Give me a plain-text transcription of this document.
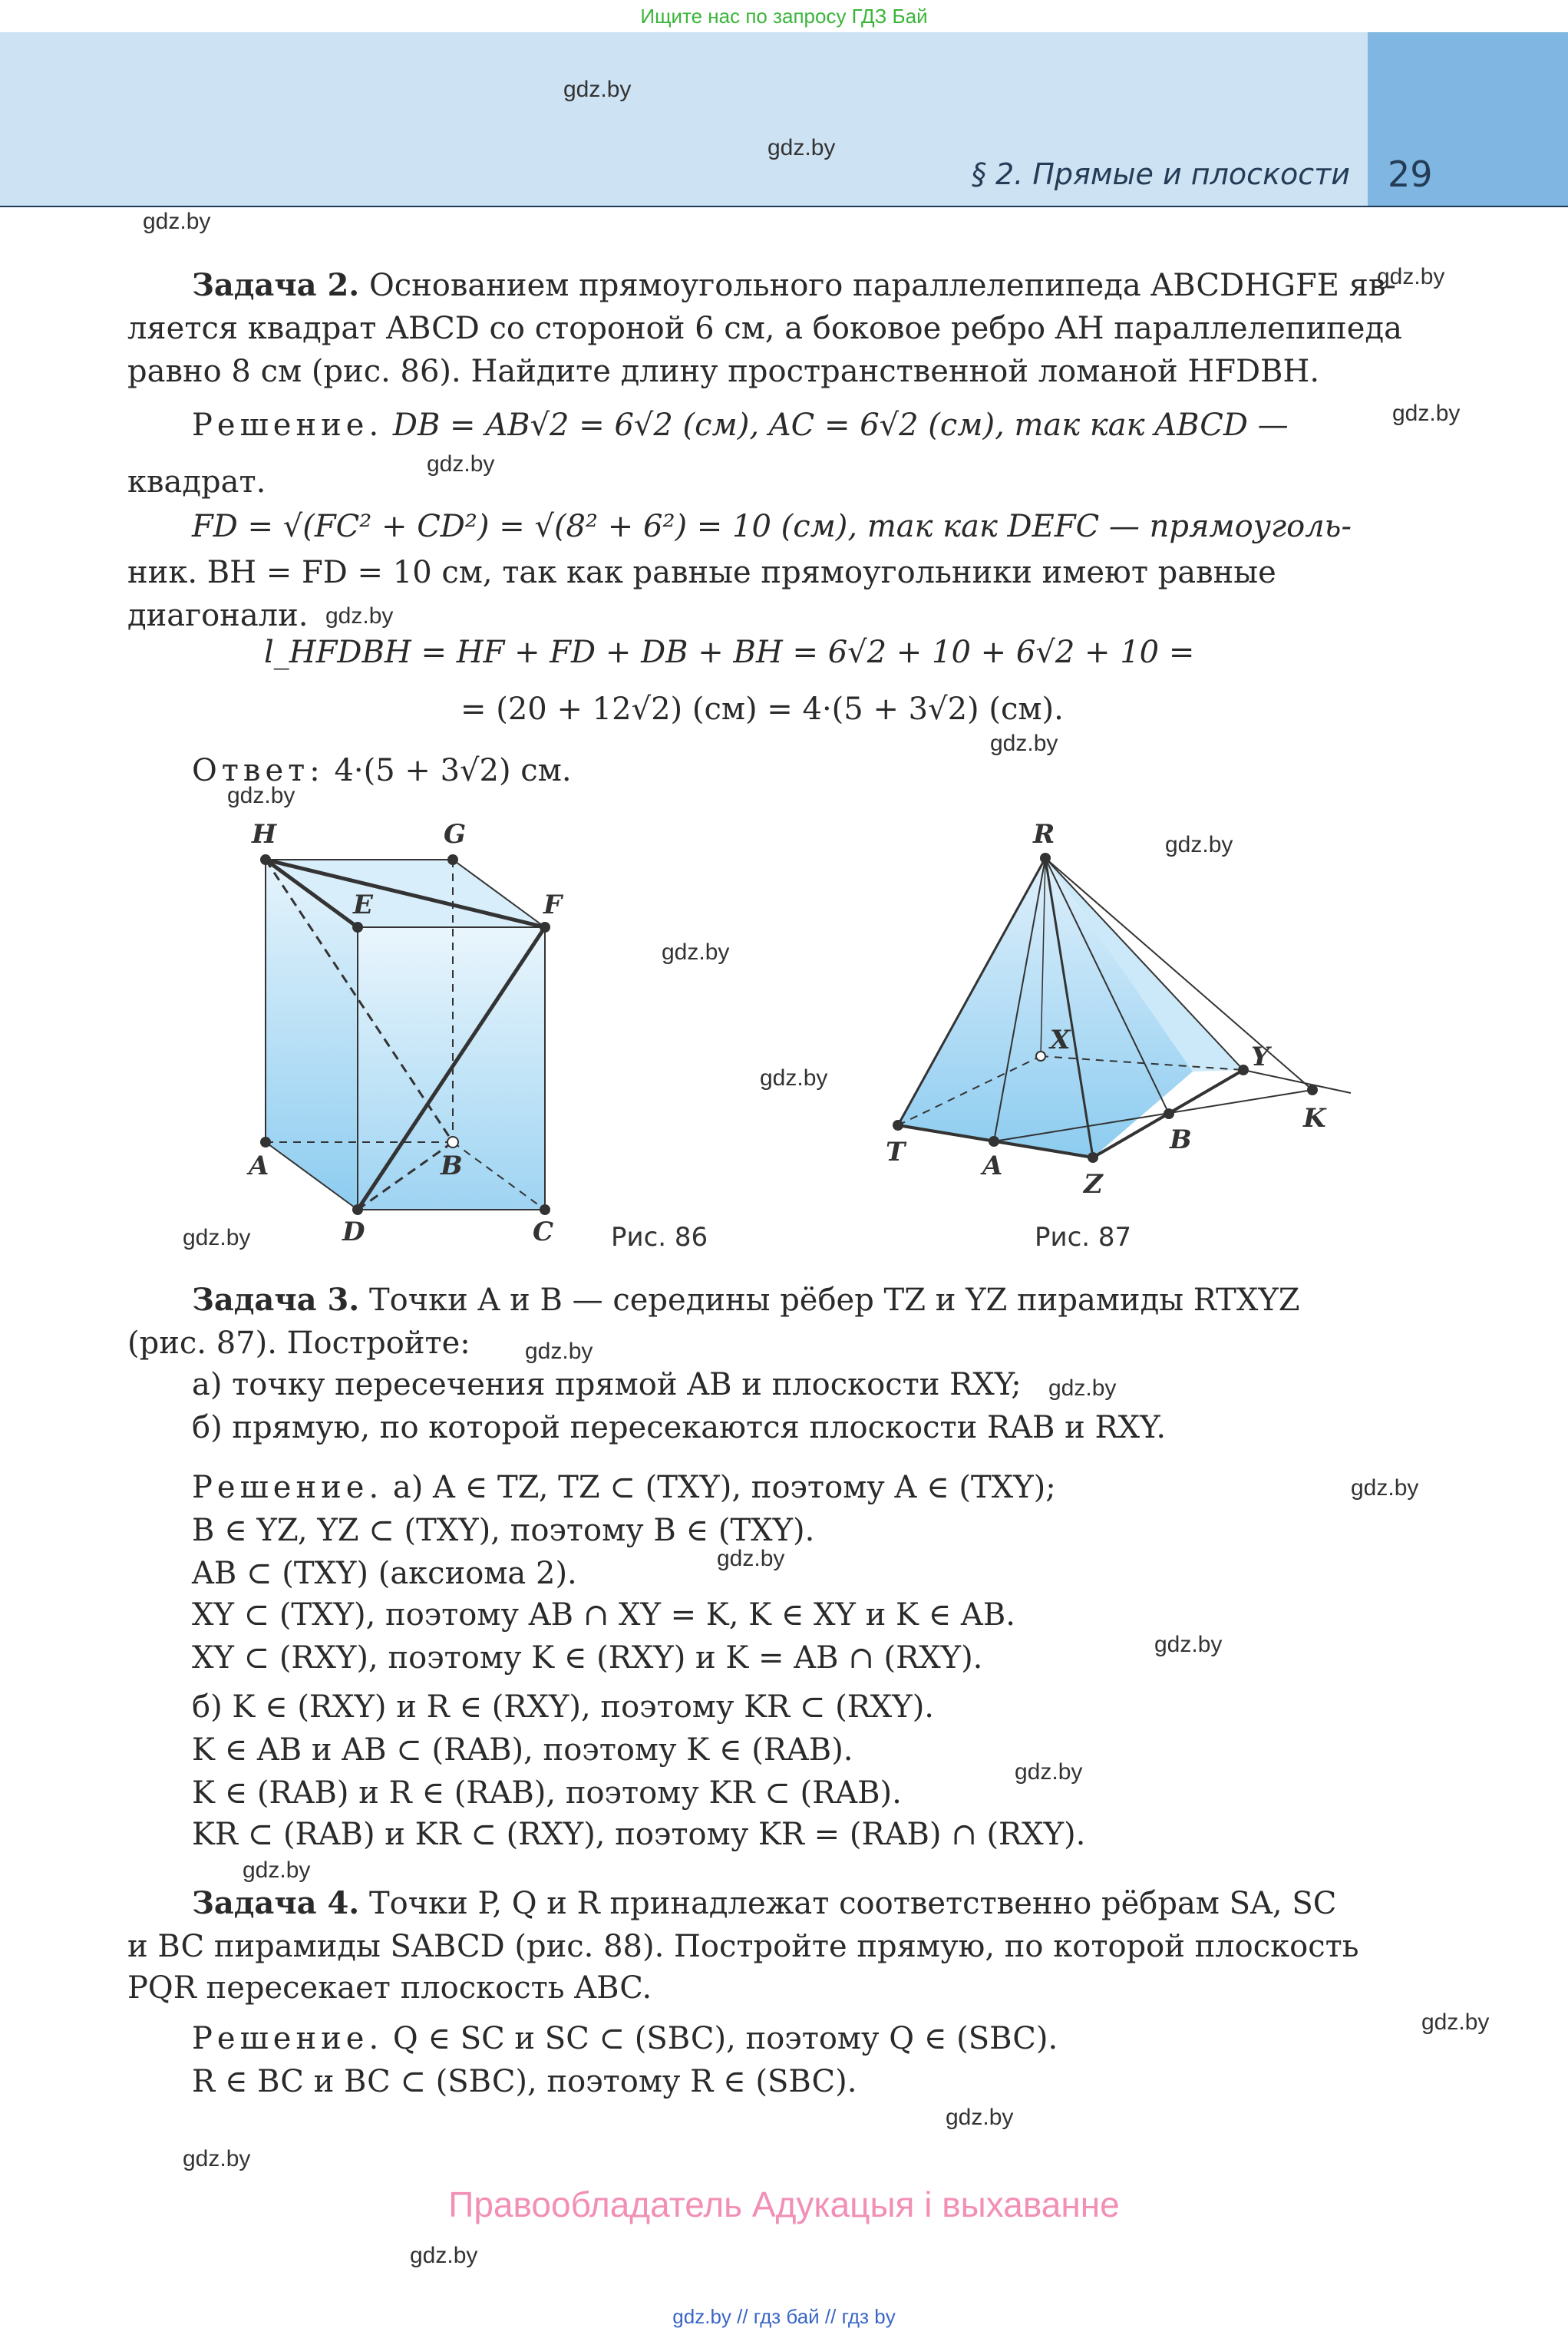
Ищите нас по запросу ГДЗ Бай
§ 2. Прямые и плоскости 29
gdz.by
gdz.by
gdz.by
gdz.by
gdz.by
gdz.by
gdz.by
gdz.by
gdz.by
gdz.by
gdz.by
gdz.by
gdz.by
gdz.by
gdz.by
gdz.by
gdz.by
gdz.by
gdz.by
gdz.by
gdz.by
gdz.by
gdz.by
gdz.by
Задача 2. Основанием прямоугольного параллелепипеда ABCDHGFE яв-
ляется квадрат ABCD со стороной 6 см, а боковое ребро AH параллелепипеда
равно 8 см (рис. 86). Найдите длину пространственной ломаной HFDBH.
Решение. DB = AB√2 = 6√2 (см), AC = 6√2 (см), так как ABCD —
квадрат.
FD = √(FC² + CD²) = √(8² + 6²) = 10 (см), так как DEFC — прямоуголь-
ник. BH = FD = 10 см, так как равные прямоугольники имеют равные
диагонали.
l_HFDBH = HF + FD + DB + BH = 6√2 + 10 + 6√2 + 10 =
= (20 + 12√2) (см) = 4·(5 + 3√2) (см).
Ответ: 4·(5 + 3√2) см.
H	G
E	F
A	B
D	C Рис. 86
R
X
Y
T	A
B
Z
K
Рис. 87
Задача 3. Точки A и B — середины рёбер TZ и YZ пирамиды RTXYZ
(рис. 87). Постройте:
а) точку пересечения прямой AB и плоскости RXY;
б) прямую, по которой пересекаются плоскости RAB и RXY.
Решение. а) A ∈ TZ, TZ ⊂ (TXY), поэтому A ∈ (TXY);
B ∈ YZ, YZ ⊂ (TXY), поэтому B ∈ (TXY).
AB ⊂ (TXY) (аксиома 2).
XY ⊂ (TXY), поэтому AB ∩ XY = K, K ∈ XY и K ∈ AB.
XY ⊂ (RXY), поэтому K ∈ (RXY) и K = AB ∩ (RXY).
б) K ∈ (RXY) и R ∈ (RXY), поэтому KR ⊂ (RXY).
K ∈ AB и AB ⊂ (RAB), поэтому K ∈ (RAB).
K ∈ (RAB) и R ∈ (RAB), поэтому KR ⊂ (RAB).
KR ⊂ (RAB) и KR ⊂ (RXY), поэтому KR = (RAB) ∩ (RXY).
Задача 4. Точки P, Q и R принадлежат соответственно рёбрам SA, SC
и BC пирамиды SABCD (рис. 88). Постройте прямую, по которой плоскость
PQR пересекает плоскость ABC.
Решение. Q ∈ SC и SC ⊂ (SBC), поэтому Q ∈ (SBC).
R ∈ BC и BC ⊂ (SBC), поэтому R ∈ (SBC).
Правообладатель Адукацыя і выхаванне
gdz.by // гдз бай // гдз by
